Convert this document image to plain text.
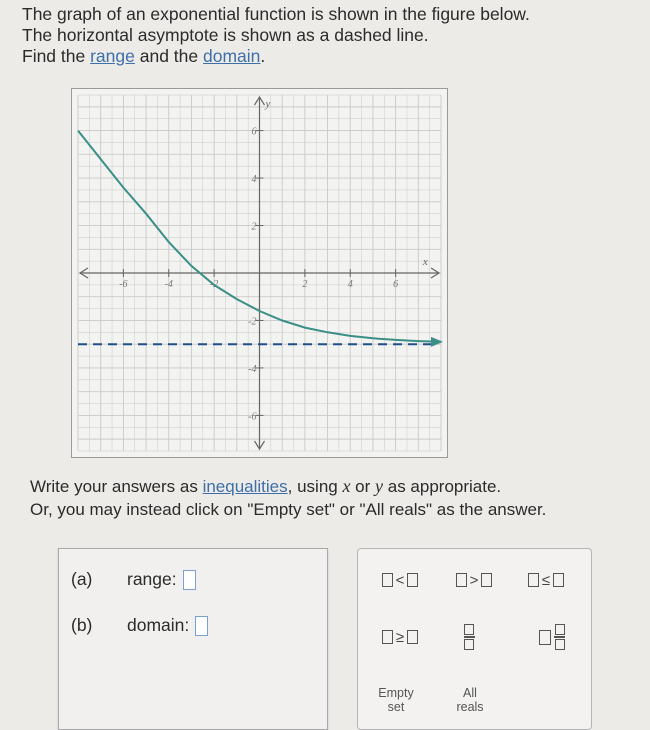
The graph of an exponential function is shown in the figure below.
The horizontal asymptote is shown as a dashed line.
Find the range and the domain.
-6	-4	-2	2	4	6
6
4
2
-2
-4
-6
x
y
Write your answers as inequalities, using x or y as appropriate.
Or, you may instead click on "Empty set" or "All reals" as the answer.
(a)	range:
(b)	domain:
<	>	≤
≥
Empty
set
All
reals
